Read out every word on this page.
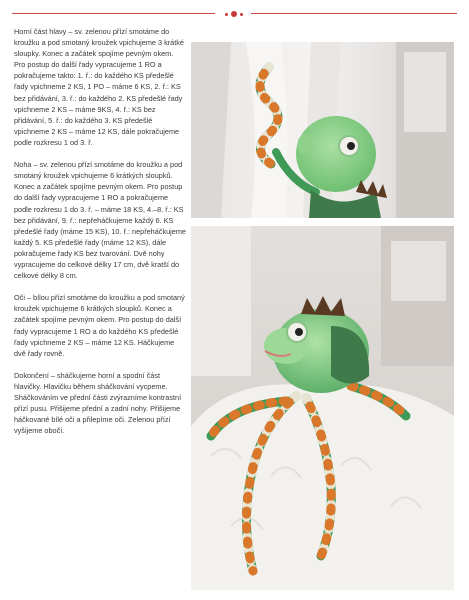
Horní část hlavy – sv. zelenou přízí smotáme do kroužku a pod smotaný kroužek vpichujeme 3 krátké sloupky. Konec a začátek spojíme pevným okem. Pro postup do další řady vypracujeme 1 RO a pokračujeme takto: 1. ř.: do každého KS předešlé řady vpichneme 2 KS, 1 PO – máme 6 KS, 2. ř.: KS bez přidávání, 3. ř.: do každého 2. KS předešlé řady vpichneme 2 KS – máme 9KS, 4. ř.: KS bez přidávání, 5. ř.: do každého 3. KS předešlé vpichneme 2 KS – máme 12 KS, dále pokračujeme podle rozkresu 1 od 3. ř.

Noha – sv. zelenou přízí smotáme do kroužku a pod smotaný kroužek vpichujeme 6 krátkých sloupků. Konec a začátek spojíme pevným okem. Pro postup do další řady vypracujeme 1 RO a pokračujeme podle rozkresu 1 do 3. ř. – máme 18 KS, 4.–8. ř.: KS bez přidávání, 9. ř.: nepřeháčkujeme každý 6. KS předešlé řady (máme 15 KS), 10. ř.: nepřeháčkujeme každý 5. KS předešlé řady (máme 12 KS), dále pokračujeme řady KS bez tvarování. Dvě nohy vypracujeme do celkové délky 17 cm, dvě kratší do celkové délky 8 cm.

Oči – bílou přízí smotáme do kroužku a pod smotaný kroužek vpichujeme 6 krátkých sloupků. Konec a začátek spojíme pevným okem. Pro postup do další řady vypracujeme 1 RO a do každého KS předešlé řady vpichneme 2 KS – máme 12 KS. Háčkujeme dvě řady rovně.

Dokončení – sháčkujeme horní a spodní část hlavičky. Hlavičku během sháčkování vycpeme. Sháčkováním ve přední části zvýrazníme kontrastní přízí pusu. Přišijeme přední a zadní nohy. Přišijeme háčkované bílé oči a přilepíme oči. Zelenou přízí vyšijeme obočí.
